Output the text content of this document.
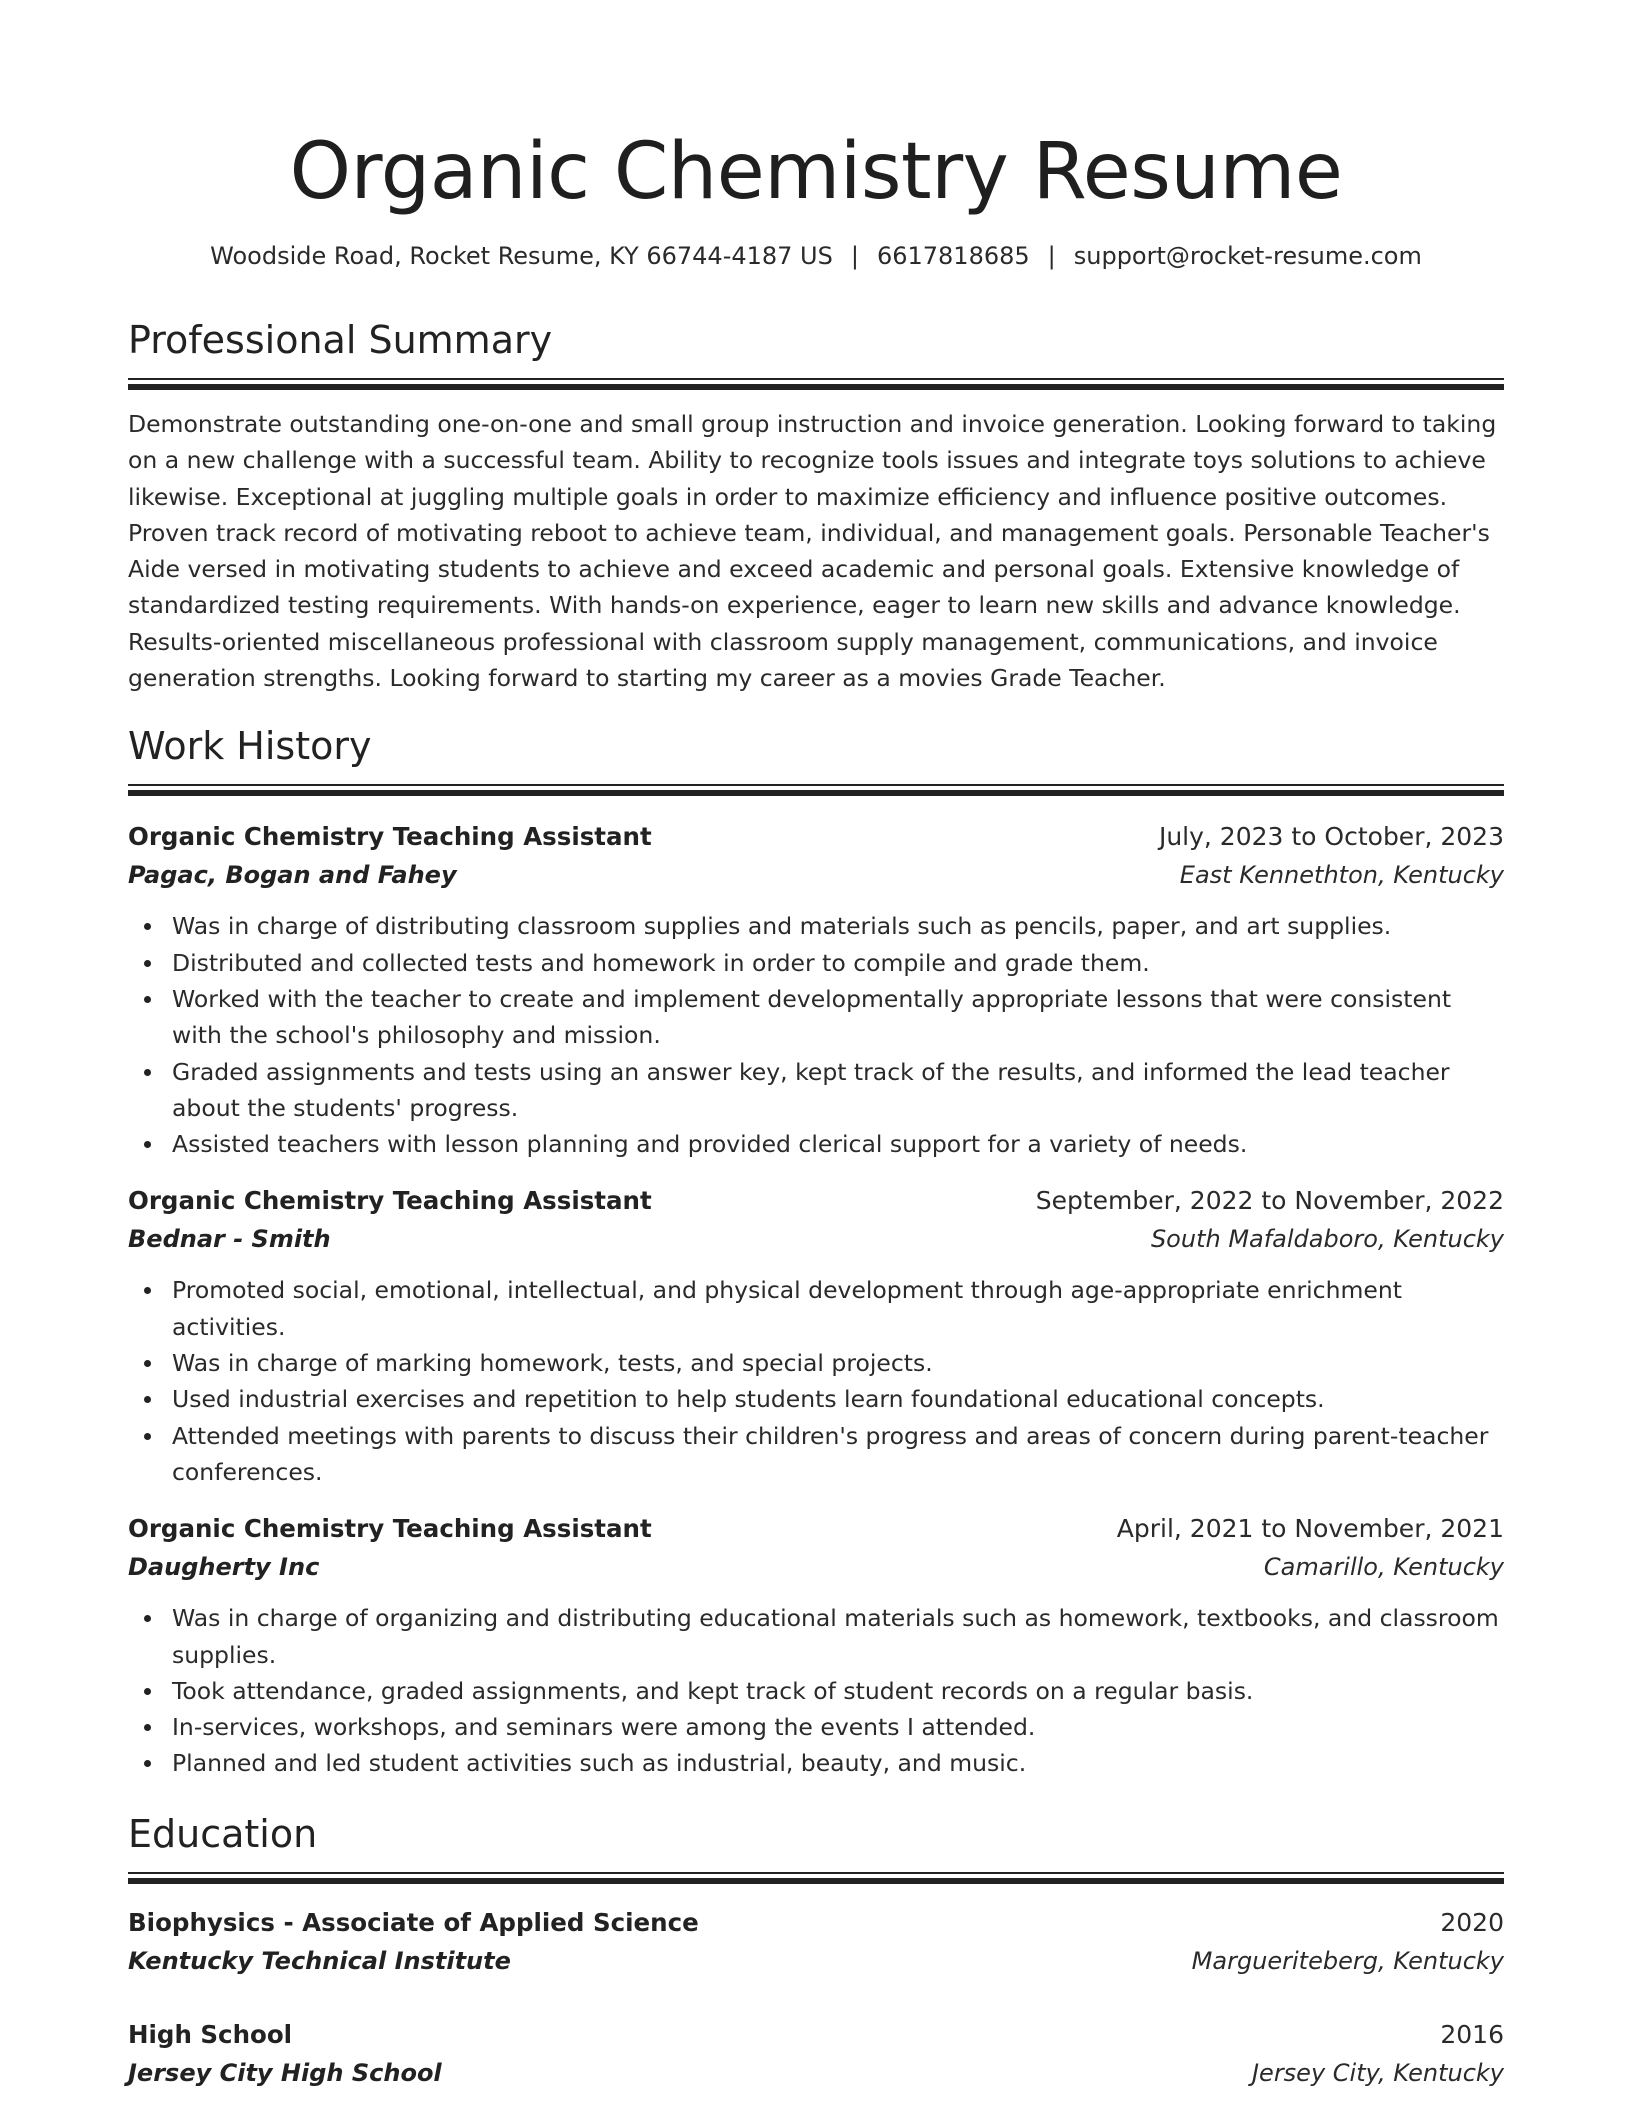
Organic Chemistry Resume
Woodside Road, Rocket Resume, KY 66744-4187 US | 6617818685 | support@rocket-resume.com
Professional Summary
Demonstrate outstanding one-on-one and small group instruction and invoice generation. Looking forward to taking on a new challenge with a successful team. Ability to recognize tools issues and integrate toys solutions to achieve likewise. Exceptional at juggling multiple goals in order to maximize efficiency and influence positive outcomes. Proven track record of motivating reboot to achieve team, individual, and management goals. Personable Teacher's Aide versed in motivating students to achieve and exceed academic and personal goals. Extensive knowledge of standardized testing requirements. With hands-on experience, eager to learn new skills and advance knowledge. Results-oriented miscellaneous professional with classroom supply management, communications, and invoice generation strengths. Looking forward to starting my career as a movies Grade Teacher.
Work History
Organic Chemistry Teaching Assistant	July, 2023 to October, 2023
Pagac, Bogan and Fahey	East Kennethton, Kentucky
Was in charge of distributing classroom supplies and materials such as pencils, paper, and art supplies.
Distributed and collected tests and homework in order to compile and grade them.
Worked with the teacher to create and implement developmentally appropriate lessons that were consistent with the school's philosophy and mission.
Graded assignments and tests using an answer key, kept track of the results, and informed the lead teacher about the students' progress.
Assisted teachers with lesson planning and provided clerical support for a variety of needs.
Organic Chemistry Teaching Assistant	September, 2022 to November, 2022
Bednar - Smith	South Mafaldaboro, Kentucky
Promoted social, emotional, intellectual, and physical development through age-appropriate enrichment activities.
Was in charge of marking homework, tests, and special projects.
Used industrial exercises and repetition to help students learn foundational educational concepts.
Attended meetings with parents to discuss their children's progress and areas of concern during parent-teacher conferences.
Organic Chemistry Teaching Assistant	April, 2021 to November, 2021
Daugherty Inc	Camarillo, Kentucky
Was in charge of organizing and distributing educational materials such as homework, textbooks, and classroom supplies.
Took attendance, graded assignments, and kept track of student records on a regular basis.
In-services, workshops, and seminars were among the events I attended.
Planned and led student activities such as industrial, beauty, and music.
Education
Biophysics - Associate of Applied Science	2020
Kentucky Technical Institute	Margueriteberg, Kentucky
High School	2016
Jersey City High School	Jersey City, Kentucky
